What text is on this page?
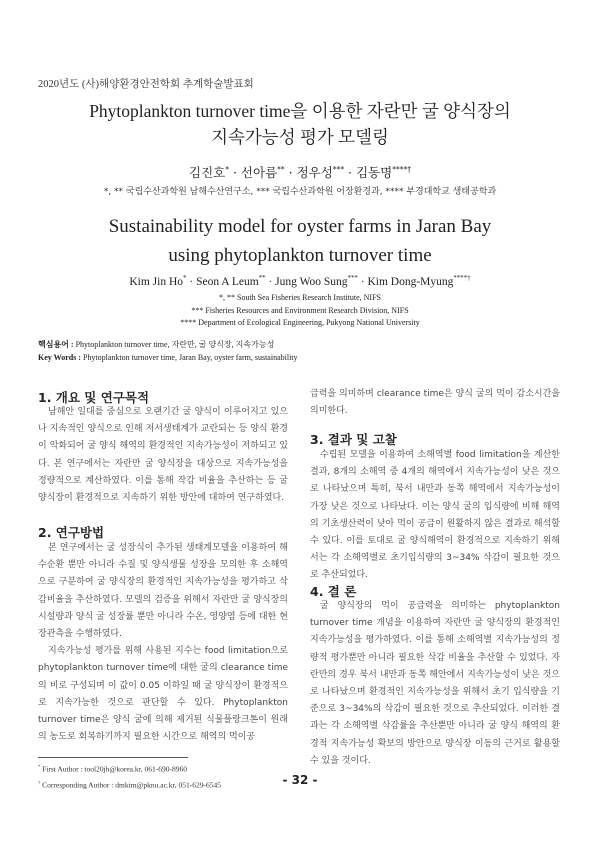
2020년도 (사)해양환경안전학회 추계학술발표회
Phytoplankton turnover time을 이용한 자란만 굴 양식장의
지속가능성 평가 모델링
김진호* · 선아름** · 정우성*** · 김동명****†
*, ** 국립수산과학원 남해수산연구소, *** 국립수산과학원 어장환경과, **** 부경대학교 생태공학과
Sustainability model for oyster farms in Jaran Bay
using phytoplankton turnover time
Kim Jin Ho* · Seon A Leum** · Jung Woo Sung*** · Kim Dong-Myung****†
*, ** South Sea Fisheries Research Institute, NIFS
*** Fisheries Resources and Environment Research Division, NIFS
**** Department of Ecological Engineering, Pukyong National University
핵심용어 : Phytoplankton turnover time, 자란만, 굴 양식장, 지속가능성
Key Words : Phytoplankton turnover time, Jaran Bay, oyster farm, sustainability
1. 개요 및 연구목적
남해안 일대를 중심으로 오랜기간 굴 양식이 이루어지고 있으나 지속적인 양식으로 인해 저서생태계가 교란되는 등 양식 환경이 악화되어 굴 양식 해역의 환경적인 지속가능성이 저하되고 있다. 본 연구에서는 자란만 굴 양식장을 대상으로 지속가능성을 정량적으로 계산하였다. 이를 통해 작감 비율을 추산하는 등 굴 양식장이 환경적으로 지속하기 위한 방안에 대하여 연구하였다.
2. 연구방법
본 연구에서는 굴 성장식이 추가된 생태계모델을 이용하여 해수순환 뿐만 아니라 수질 및 양식생물 성장을 모의한 후 소해역으로 구분하여 굴 양식장의 환경적인 지속가능성을 평가하고 삭감비율을 추산하였다. 모델의 검증을 위해서 자란만 굴 양식장의 시설량과 양식 굴 성장률 뿐만 아니라 수온, 영양염 등에 대한 현장관측을 수행하였다.
지속가능성 평가를 위해 사용된 지수는 food limitation으로 phytoplankton turnover time에 대한 굴의 clearance time의 비로 구성되며 이 값이 0.05 이하일 때 굴 양식장이 환경적으로 지속가능한 것으로 판단할 수 있다. Phytoplankton turnover time은 양식 굴에 의해 제거된 식물플랑크톤이 원래의 농도로 회복하기까지 필요한 시간으로 해역의 먹이공
* First Author : tool20jh@korea.kr, 061-690-8960
† Corresponding Author : dmkim@pknu.ac.kr, 051-629-6545
급력을 의미하며 clearance time은 양식 굴의 먹이 감소시간을 의미한다.
3. 결과 및 고찰
수립된 모델을 이용하여 소해역별 food limitation을 계산한 결과, 8개의 소해역 중 4개의 해역에서 지속가능성이 낮은 것으로 나타났으며 특히, 북서 내만과 동쪽 해역에서 지속가능성이 가장 낮은 것으로 나타났다. 이는 양식 굴의 입식량에 비해 해역의 기초생산력이 낮아 먹이 공급이 원활하지 않은 결과로 해석할 수 있다. 이를 토대로 굴 양식해역이 환경적으로 지속하기 위해서는 각 소해역별로 초기입식량의 3~34% 삭감이 필요한 것으로 추산되었다.
4. 결 론
굴 양식장의 먹이 공급력을 의미하는 phytoplankton turnover time 개념을 이용하여 자란만 굴 양식장의 환경적인 지속가능성을 평가하였다. 이를 통해 소해역별 지속가능성의 정량적 평가뿐만 아니라 필요한 삭감 비율을 추산할 수 있었다. 자란만의 경우 북서 내만과 동쪽 해안에서 지속가능성이 낮은 것으로 나타났으며 환경적인 지속가능성을 위해서 초기 입식량을 기준으로 3~34%의 삭감이 필요한 것으로 추산되었다. 이러한 결과는 각 소해역별 삭감률을 추산뿐만 아니라 굴 양식 해역의 환경적 지속가능성 확보의 방안으로 양식장 이동의 근거로 활용할 수 있을 것이다.
- 32 -
